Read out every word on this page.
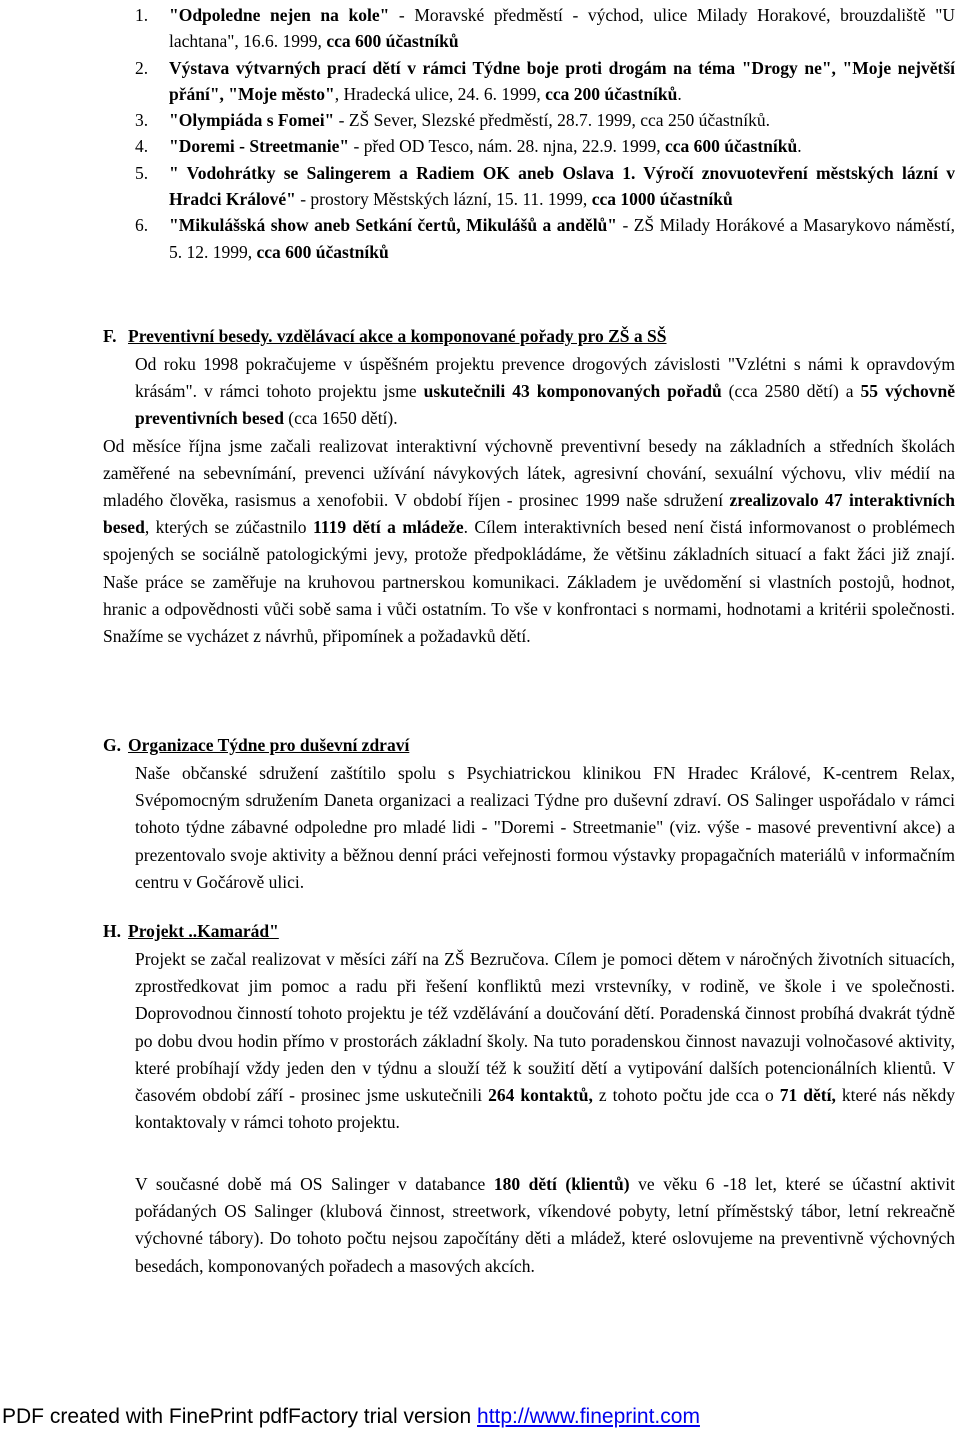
1. "Odpoledne nejen na kole" - Moravské předměstí - východ, ulice Milady Horakové, brouzdaliště "U lachtana", 16.6. 1999, cca 600 účastníků
2. Výstava výtvarných prací dětí v rámci Týdne boje proti drogám na téma "Drogy ne", "Moje největší přání", "Moje město", Hradecká ulice, 24. 6. 1999, cca 200 účastníků.
3. "Olympiáda s Fomei" - ZŠ Sever, Slezské předměstí, 28.7. 1999, cca 250 účastníků.
4. "Doremi - Streetmanie" - před OD Tesco, nám. 28. njna, 22.9. 1999, cca 600 účastníků.
5. " Vodohrátky se Salingerem a Radiem OK aneb Oslava 1. Výročí znovuotevření městských lázní v Hradci Králové" - prostory Městských lázní, 15. 11. 1999, cca 1000 účastníků
6. "Mikulášská show aneb Setkání čertů, Mikulášů a andělů" - ZŠ Milady Horákové a Masarykovo náměstí, 5. 12. 1999, cca 600 účastníků
F. Preventivní besedy. vzdělávací akce a komponované pořady pro ZŠ a SŠ

Od roku 1998 pokračujeme v úspěšném projektu prevence drogových závislosti "Vzlétni s námi k opravdovým krásám". v rámci tohoto projektu jsme uskutečnili 43 komponovaných pořadů (cca 2580 dětí) a 55 výchovně preventivních besed (cca 1650 dětí).

Od měsíce října jsme začali realizovat interaktivní výchovně preventivní besedy na základních a středních školách zaměřené na sebevnímání, prevenci užívání návykových látek, agresivní chování, sexuální výchovu, vliv médií na mladého člověka, rasismus a xenofobii. V období říjen - prosinec 1999 naše sdružení zrealizovalo 47 interaktivních besed, kterých se zúčastnilo 1119 dětí a mládeže. Cílem interaktivních besed není čistá informovanost o problémech spojených se sociálně patologickými jevy, protože předpokládáme, že většinu základních situací a fakt žáci již znají. Naše práce se zaměřuje na kruhovou partnerskou komunikaci. Základem je uvědomění si vlastních postojů, hodnot, hranic a odpovědnosti vůči sobě sama i vůči ostatním. To vše v konfrontaci s normami, hodnotami a kritérii společnosti. Snažíme se vycházet z návrhů, připomínek a požadavků dětí.

G. Organizace Týdne pro duševní zdraví

Naše občanské sdružení zaštítilo spolu s Psychiatrickou klinikou FN Hradec Králové, K-centrem Relax, Svépomocným sdružením Daneta organizaci a realizaci Týdne pro duševní zdraví. OS Salinger uspořádalo v rámci tohoto týdne zábavné odpoledne pro mladé lidi - "Doremi - Streetmanie" (viz. výše - masové preventivní akce) a prezentovalo svoje aktivity a běžnou denní práci veřejnosti formou výstavky propagačních materiálů v informačním centru v Gočárově ulici.

H. Projekt ..Kamarád"

Projekt se začal realizovat v měsíci září na ZŠ Bezručova. Cílem je pomoci dětem v náročných životních situacích, zprostředkovat jim pomoc a radu při řešení konfliktů mezi vrstevníky, v rodině, ve škole i ve společnosti. Doprovodnou činností tohoto projektu je též vzdělávání a doučování dětí. Poradenská činnost probíhá dvakrát týdně po dobu dvou hodin přímo v prostorách základní školy. Na tuto poradenskou činnost navazuji volnočasové aktivity, které probíhají vždy jeden den v týdnu a slouží též k soužití dětí a vytipování dalších potencionálních klientů. V časovém období září - prosinec jsme uskutečnili 264 kontaktů, z tohoto počtu jde cca o 71 dětí, které nás někdy kontaktovaly v rámci tohoto projektu.

V současné době má OS Salinger v databance 180 dětí (klientů) ve věku 6 -18 let, které se účastní aktivit pořádaných OS Salinger (klubová činnost, streetwork, víkendové pobyty, letní příměstský tábor, letní rekreačně výchovné tábory). Do tohoto počtu nejsou započítány děti a mládež, které oslovujeme na preventivně výchovných besedách, komponovaných pořadech a masových akcích.

PDF created with FinePrint pdfFactory trial version http://www.fineprint.com
